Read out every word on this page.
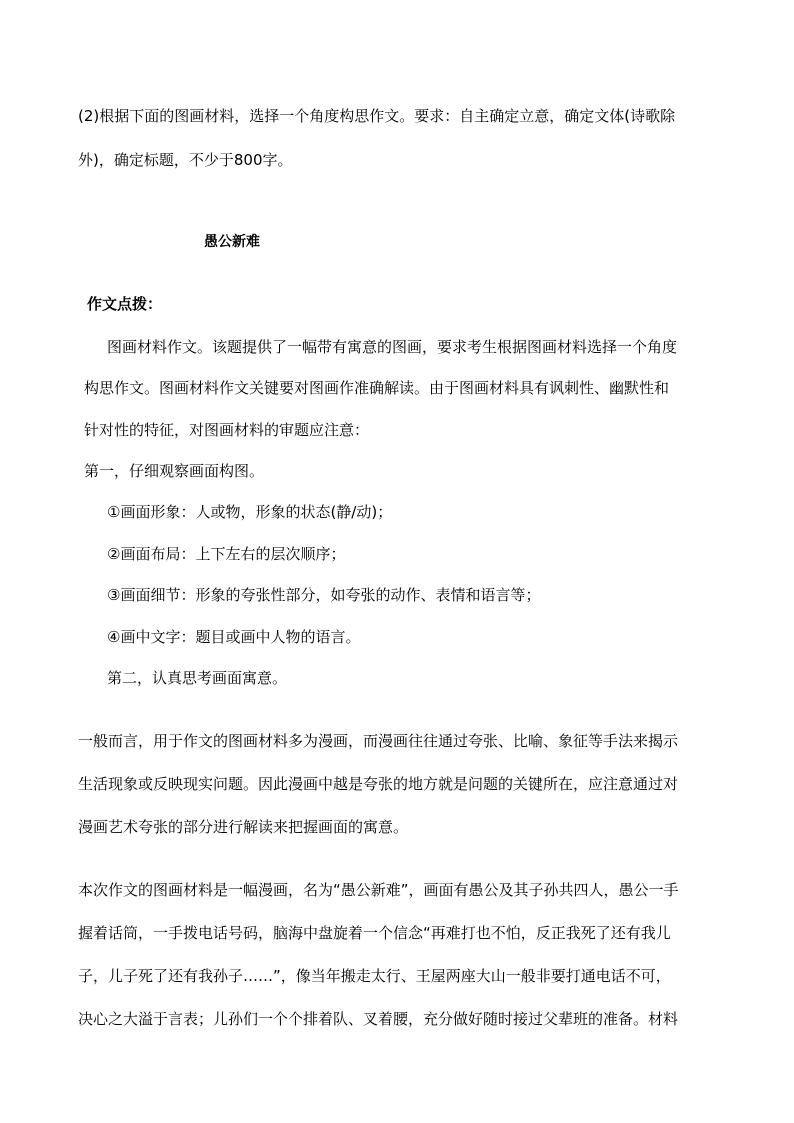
(2)根据下面的图画材料，选择一个角度构思作文。要求：自主确定立意，确定文体(诗歌除
外)，确定标题，不少于800字。
愚公新难
作文点拨：
图画材料作文。该题提供了一幅带有寓意的图画，要求考生根据图画材料选择一个角度
构思作文。图画材料作文关键要对图画作准确解读。由于图画材料具有讽刺性、幽默性和
针对性的特征，对图画材料的审题应注意：
第一，仔细观察画面构图。
①画面形象：人或物，形象的状态(静/动)；
②画面布局：上下左右的层次顺序；
③画面细节：形象的夸张性部分，如夸张的动作、表情和语言等；
④画中文字：题目或画中人物的语言。
第二，认真思考画面寓意。
一般而言，用于作文的图画材料多为漫画，而漫画往往通过夸张、比喻、象征等手法来揭示
生活现象或反映现实问题。因此漫画中越是夸张的地方就是问题的关键所在，应注意通过对
漫画艺术夸张的部分进行解读来把握画面的寓意。
本次作文的图画材料是一幅漫画，名为“愚公新难”，画面有愚公及其子孙共四人，愚公一手
握着话筒，一手拨电话号码，脑海中盘旋着一个信念“再难打也不怕，反正我死了还有我儿
子，儿子死了还有我孙子……”，像当年搬走太行、王屋两座大山一般非要打通电话不可，
决心之大溢于言表；儿孙们一个个排着队、叉着腰，充分做好随时接过父辈班的准备。材料
